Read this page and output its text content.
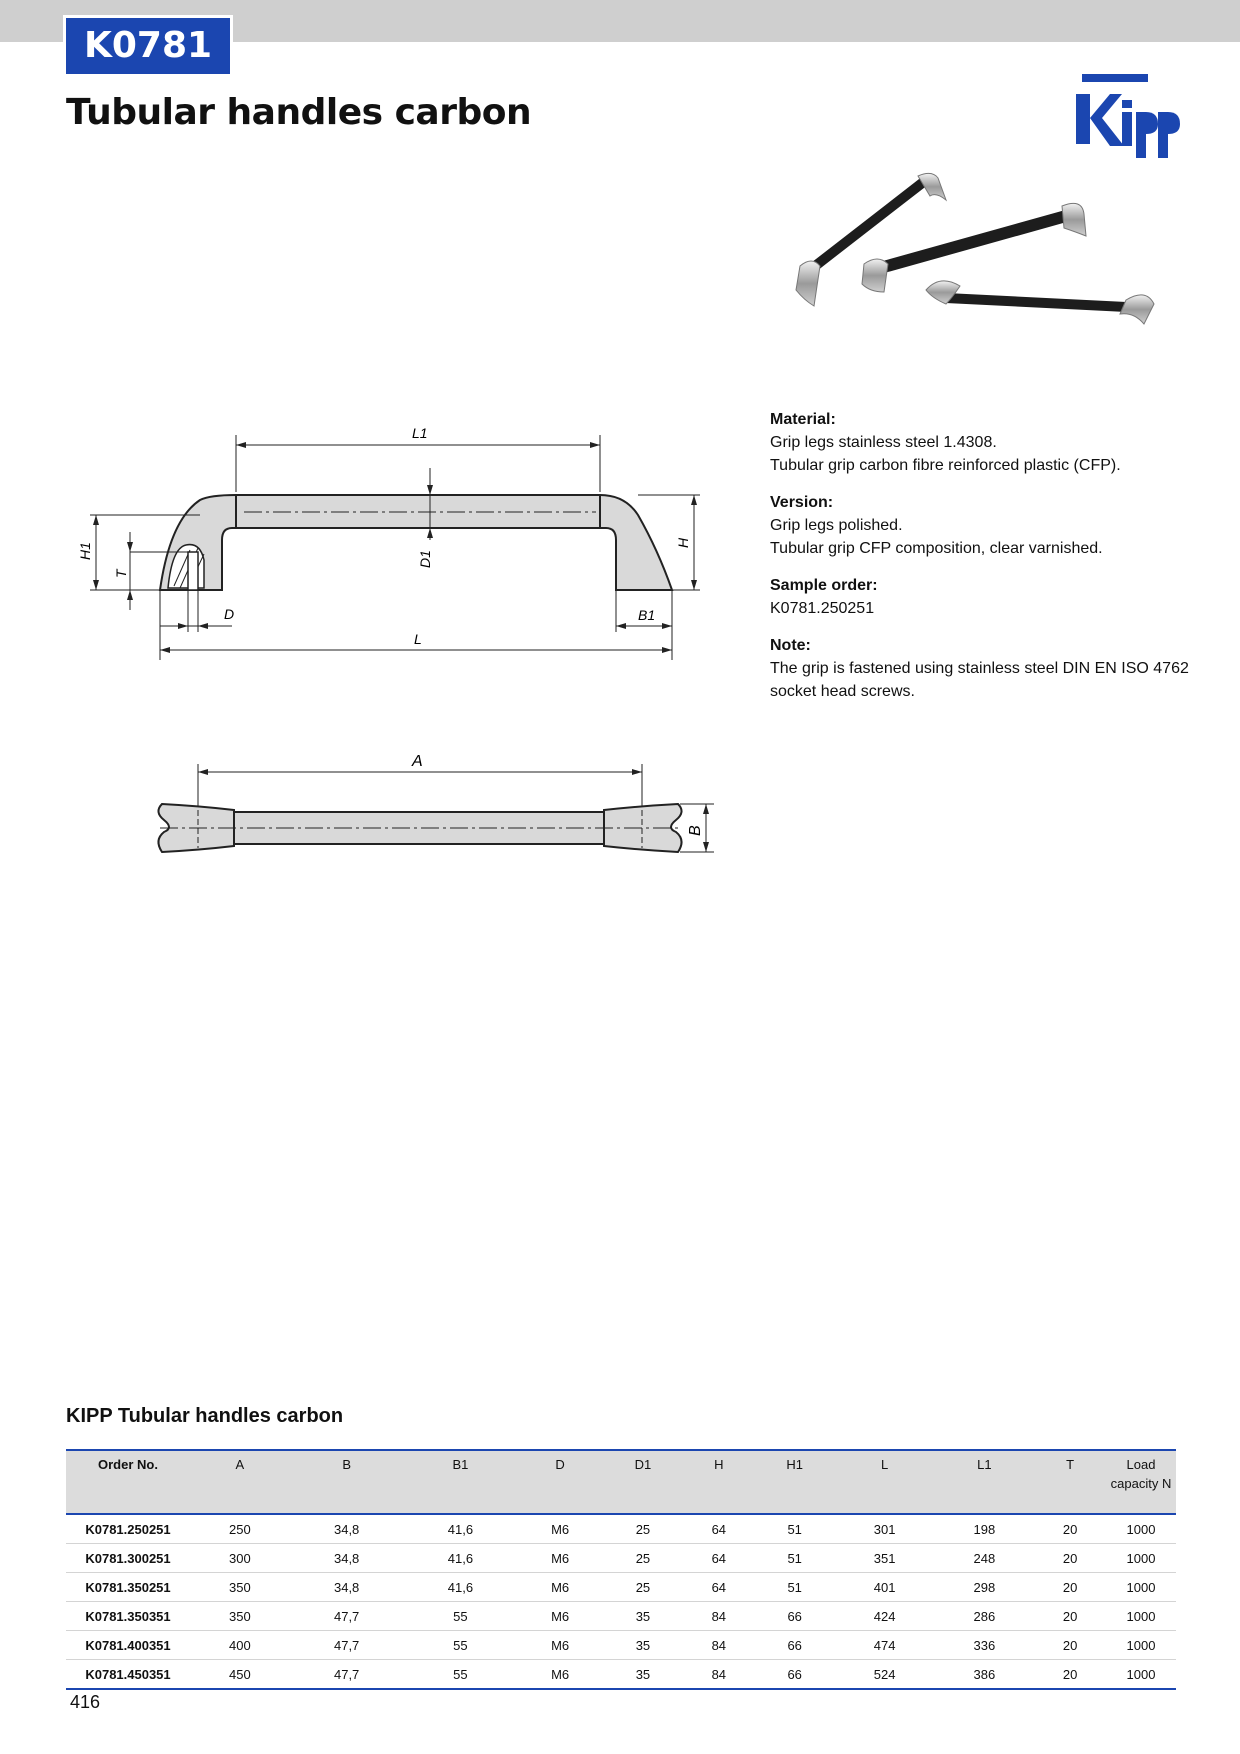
K0781
Tubular handles carbon
L1
D1
H
H1
T
D	B1
L
A
B
Material:
Grip legs stainless steel 1.4308.
Tubular grip carbon fibre reinforced plastic (CFP).
Version:
Grip legs polished.
Tubular grip CFP composition, clear varnished.
Sample order:
K0781.250251
Note:
The grip is fastened using stainless steel DIN EN ISO 4762
socket head screws.
KIPP Tubular handles carbon
Order No.	A	B	B1	D	D1	H	H1	L	L1	T	Load capacity N
K0781.250251	250	34,8	41,6	M6	25	64	51	301	198	20	1000
K0781.300251	300	34,8	41,6	M6	25	64	51	351	248	20	1000
K0781.350251	350	34,8	41,6	M6	25	64	51	401	298	20	1000
K0781.350351	350	47,7	55	M6	35	84	66	424	286	20	1000
K0781.400351	400	47,7	55	M6	35	84	66	474	336	20	1000
K0781.450351	450	47,7	55	M6	35	84	66	524	386	20	1000
416
